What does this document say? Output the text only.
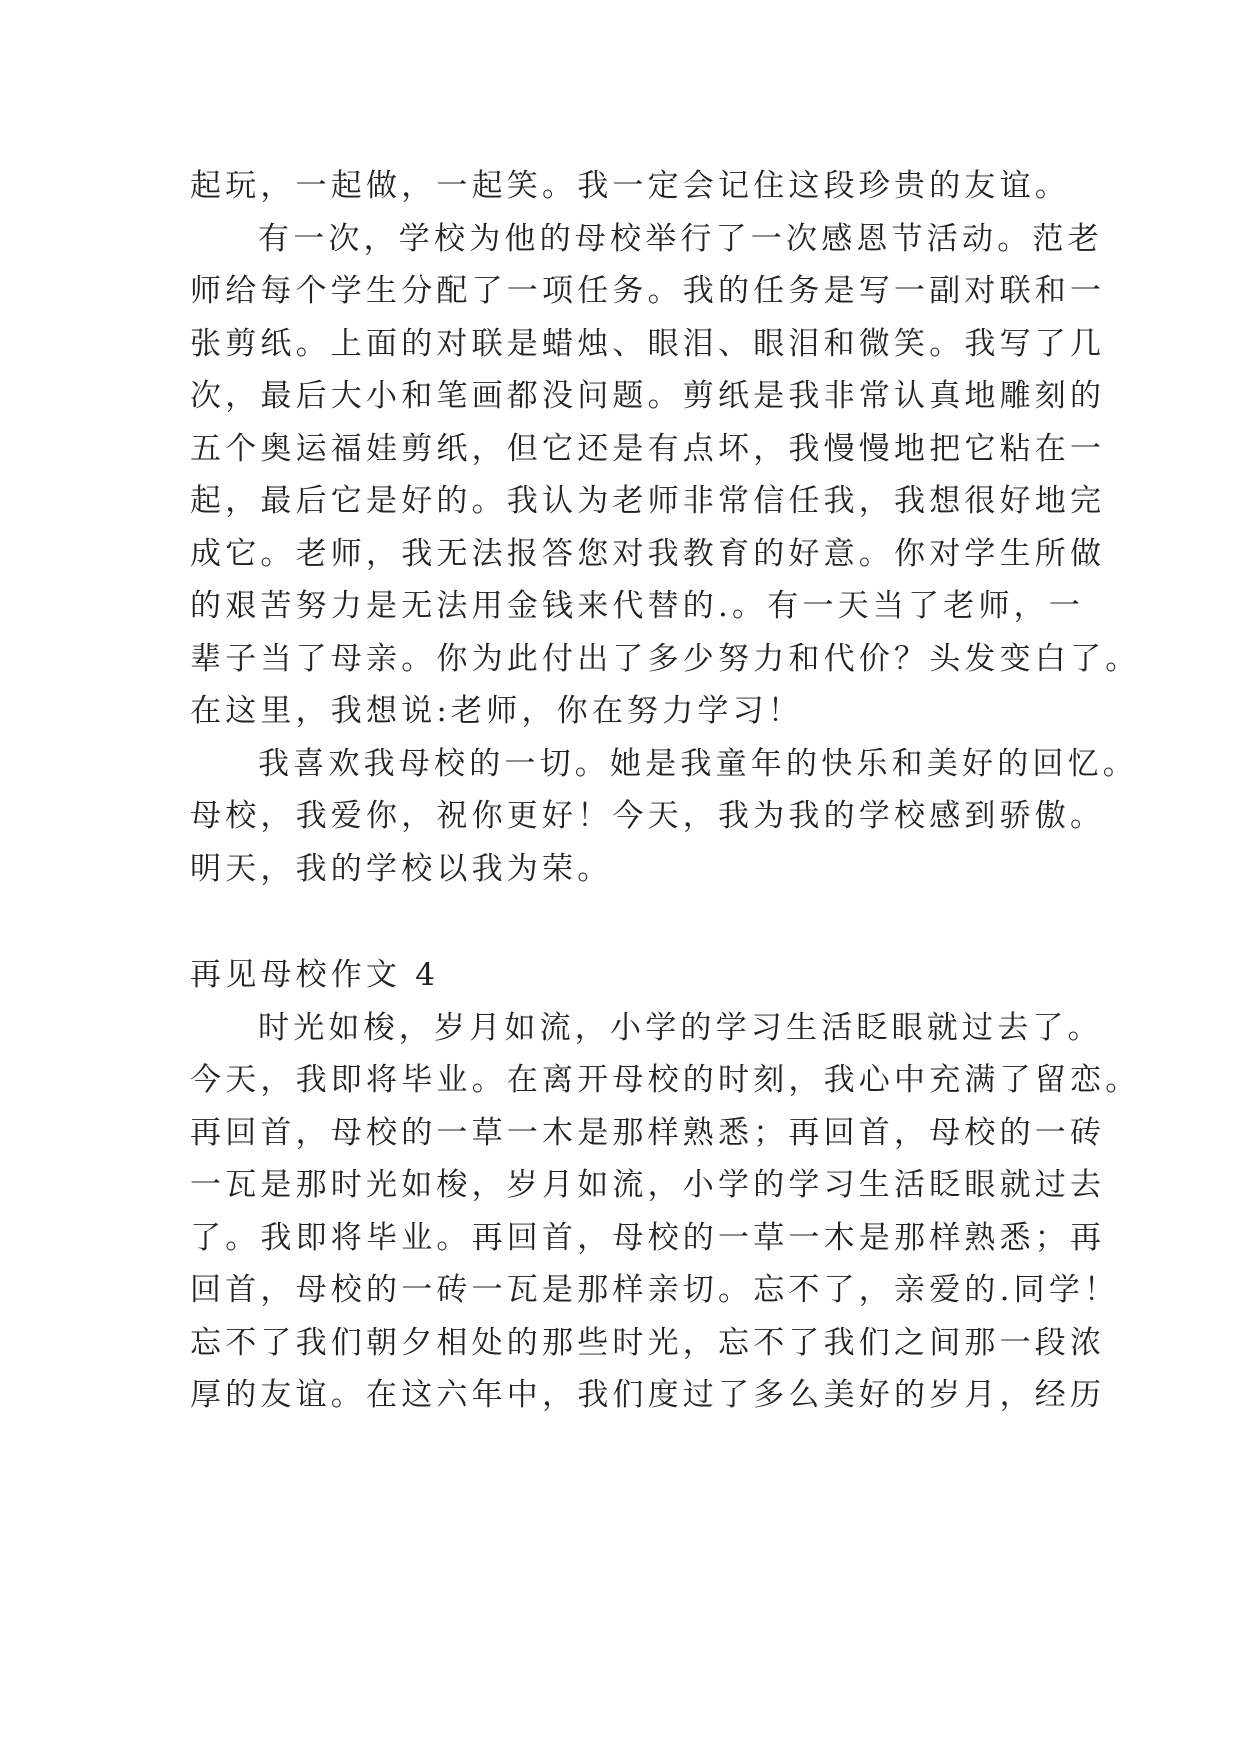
起玩，一起做，一起笑。我一定会记住这段珍贵的友谊。
有一次，学校为他的母校举行了一次感恩节活动。范老
师给每个学生分配了一项任务。我的任务是写一副对联和一
张剪纸。上面的对联是蜡烛、眼泪、眼泪和微笑。我写了几
次，最后大小和笔画都没问题。剪纸是我非常认真地雕刻的
五个奥运福娃剪纸，但它还是有点坏，我慢慢地把它粘在一
起，最后它是好的。我认为老师非常信任我，我想很好地完
成它。老师，我无法报答您对我教育的好意。你对学生所做
的艰苦努力是无法用金钱来代替的.。有一天当了老师，一
辈子当了母亲。你为此付出了多少努力和代价？头发变白了。
在这里，我想说:老师，你在努力学习！
我喜欢我母校的一切。她是我童年的快乐和美好的回忆。
母校，我爱你，祝你更好！今天，我为我的学校感到骄傲。
明天，我的学校以我为荣。
再见母校作文 4
时光如梭，岁月如流，小学的学习生活眨眼就过去了。
今天，我即将毕业。在离开母校的时刻，我心中充满了留恋。
再回首，母校的一草一木是那样熟悉；再回首，母校的一砖
一瓦是那时光如梭，岁月如流，小学的学习生活眨眼就过去
了。我即将毕业。再回首，母校的一草一木是那样熟悉；再
回首，母校的一砖一瓦是那样亲切。忘不了，亲爱的.同学！
忘不了我们朝夕相处的那些时光，忘不了我们之间那一段浓
厚的友谊。在这六年中，我们度过了多么美好的岁月，经历
